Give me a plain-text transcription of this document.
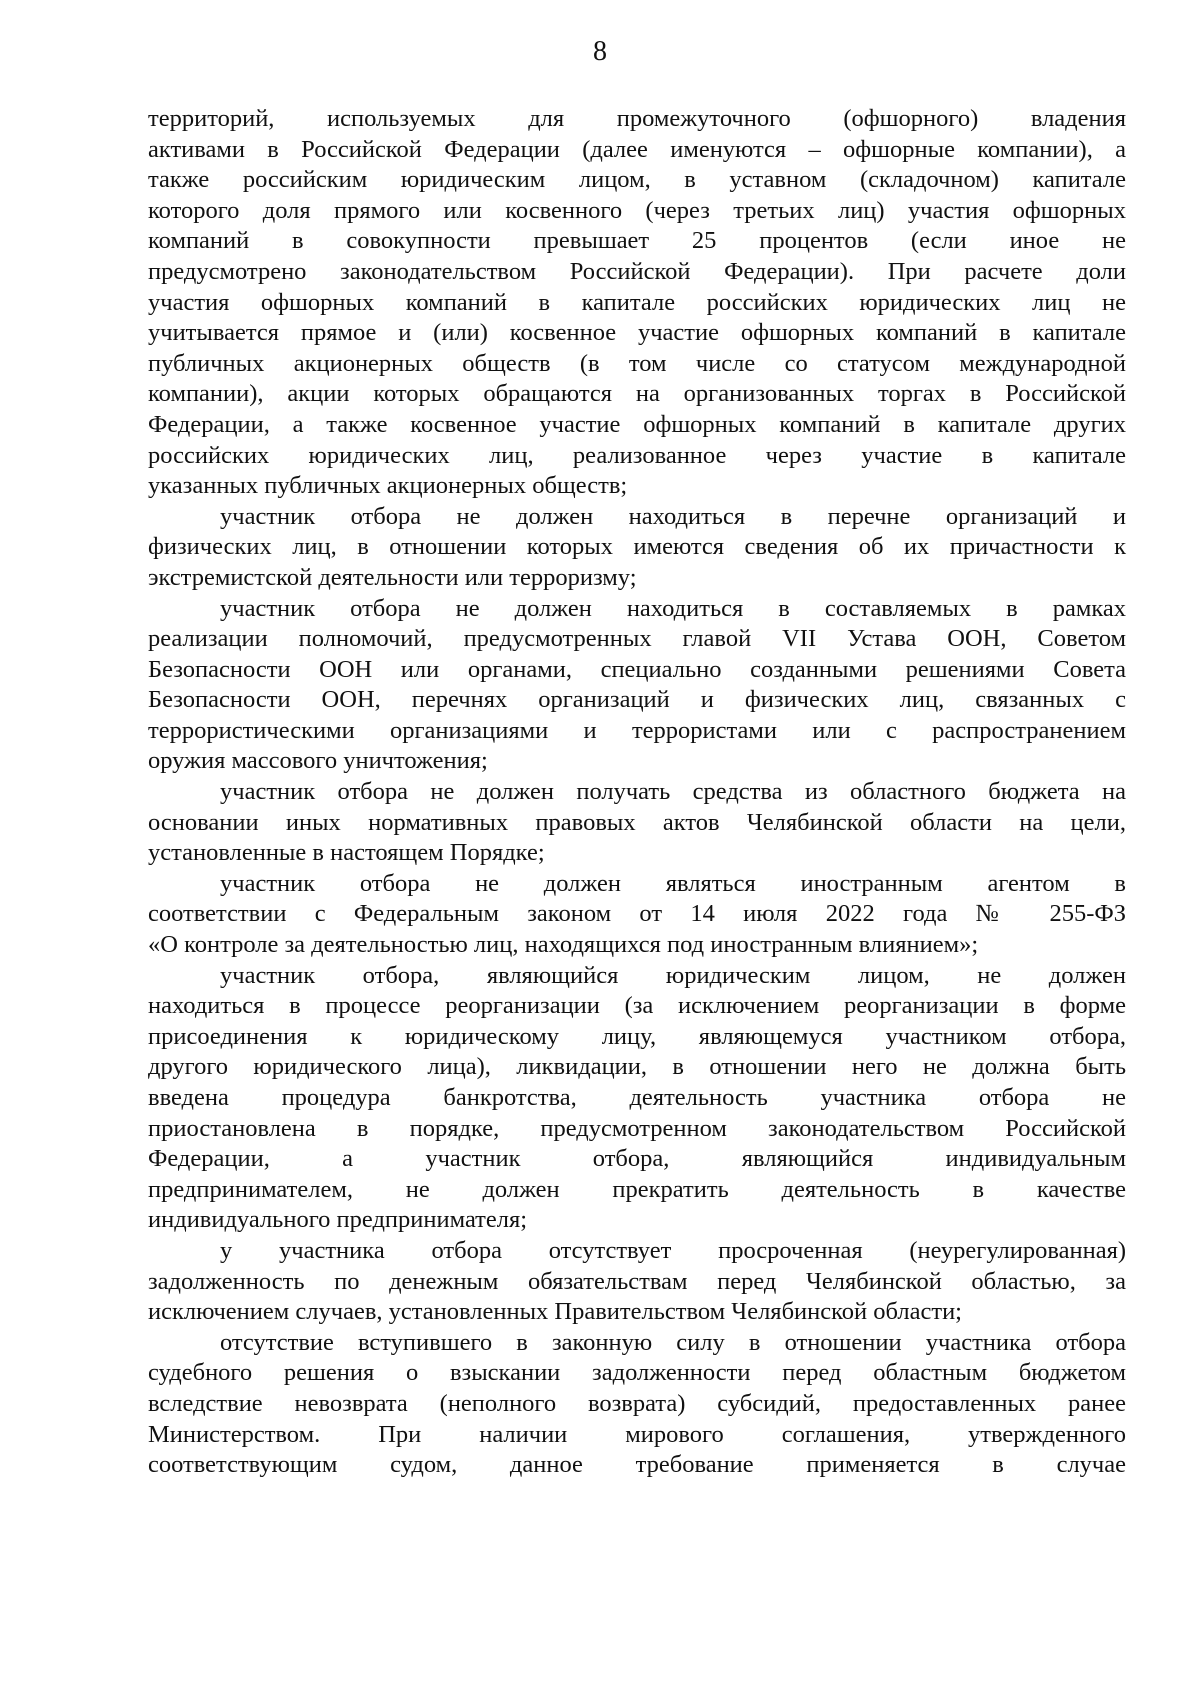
8
территорий, используемых для промежуточного (офшорного) владения
активами в Российской Федерации (далее именуются – офшорные компании), а
также российским юридическим лицом, в уставном (складочном) капитале
которого доля прямого или косвенного (через третьих лиц) участия офшорных
компаний в совокупности превышает 25 процентов (если иное не
предусмотрено законодательством Российской Федерации). При расчете доли
участия офшорных компаний в капитале российских юридических лиц не
учитывается прямое и (или) косвенное участие офшорных компаний в капитале
публичных акционерных обществ (в том числе со статусом международной
компании), акции которых обращаются на организованных торгах в Российской
Федерации, а также косвенное участие офшорных компаний в капитале других
российских юридических лиц, реализованное через участие в капитале
указанных публичных акционерных обществ;
участник отбора не должен находиться в перечне организаций и
физических лиц, в отношении которых имеются сведения об их причастности к
экстремистской деятельности или терроризму;
участник отбора не должен находиться в составляемых в рамках
реализации полномочий, предусмотренных главой VII Устава ООН, Советом
Безопасности ООН или органами, специально созданными решениями Совета
Безопасности ООН, перечнях организаций и физических лиц, связанных с
террористическими организациями и террористами или с распространением
оружия массового уничтожения;
участник отбора не должен получать средства из областного бюджета на
основании иных нормативных правовых актов Челябинской области на цели,
установленные в настоящем Порядке;
участник отбора не должен являться иностранным агентом в
соответствии с Федеральным законом от 14 июля 2022 года № 255-ФЗ
«О контроле за деятельностью лиц, находящихся под иностранным влиянием»;
участник отбора, являющийся юридическим лицом, не должен
находиться в процессе реорганизации (за исключением реорганизации в форме
присоединения к юридическому лицу, являющемуся участником отбора,
другого юридического лица), ликвидации, в отношении него не должна быть
введена процедура банкротства, деятельность участника отбора не
приостановлена в порядке, предусмотренном законодательством Российской
Федерации, а участник отбора, являющийся индивидуальным
предпринимателем, не должен прекратить деятельность в качестве
индивидуального предпринимателя;
у участника отбора отсутствует просроченная (неурегулированная)
задолженность по денежным обязательствам перед Челябинской областью, за
исключением случаев, установленных Правительством Челябинской области;
отсутствие вступившего в законную силу в отношении участника отбора
судебного решения о взыскании задолженности перед областным бюджетом
вследствие невозврата (неполного возврата) субсидий, предоставленных ранее
Министерством. При наличии мирового соглашения, утвержденного
соответствующим судом, данное требование применяется в случае
